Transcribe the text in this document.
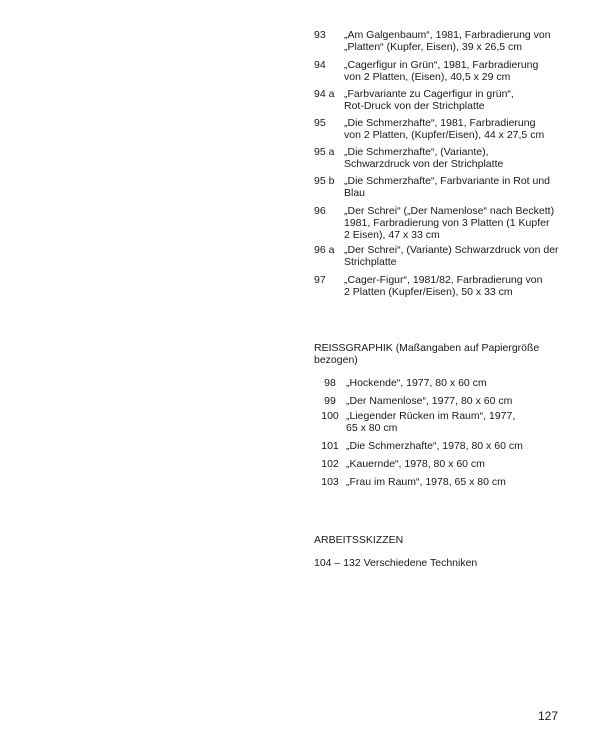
93	„Am Galgenbaum“, 1981, Farbradierung von
„Platten“ (Kupfer, Eisen), 39 x 26,5 cm
94	„Cagerfigur in Grün“, 1981, Farbradierung
von 2 Platten, (Eisen), 40,5 x 29 cm
94 a „Farbvariante zu Cagerfigur in grün“,
Rot-Druck von der Strichplatte
95	„Die Schmerzhafte“, 1981, Farbradierung
von 2 Platten, (Kupfer/Eisen), 44 x 27,5 cm
95 a „Die Schmerzhafte“, (Variante),
Schwarzdruck von der Strichplatte
95 b „Die Schmerzhafte“, Farbvariante in Rot und
Blau
96	„Der Schrei“ („Der Namenlose“ nach Beckett)
1981, Farbradierung von 3 Platten (1 Kupfer
2 Eisen), 47 x 33 cm
96 a „Der Schrei“, (Variante) Schwarzdruck von der
Strichplatte
97	„Cager-Figur“, 1981/82, Farbradierung von
2 Platten (Kupfer/Eisen), 50 x 33 cm
REISSGRAPHIK (Maßangaben auf Papiergröße
bezogen)
98 „Hockende“, 1977, 80 x 60 cm
99 „Der Namenlose“, 1977, 80 x 60 cm
100 „Liegender Rücken im Raum“, 1977,
65 x 80 cm
101 „Die Schmerzhafte“, 1978, 80 x 60 cm
102 „Kauernde“, 1978, 80 x 60 cm
103 „Frau im Raum“, 1978, 65 x 80 cm
ARBEITSSKIZZEN
104 – 132 Verschiedene Techniken
127
